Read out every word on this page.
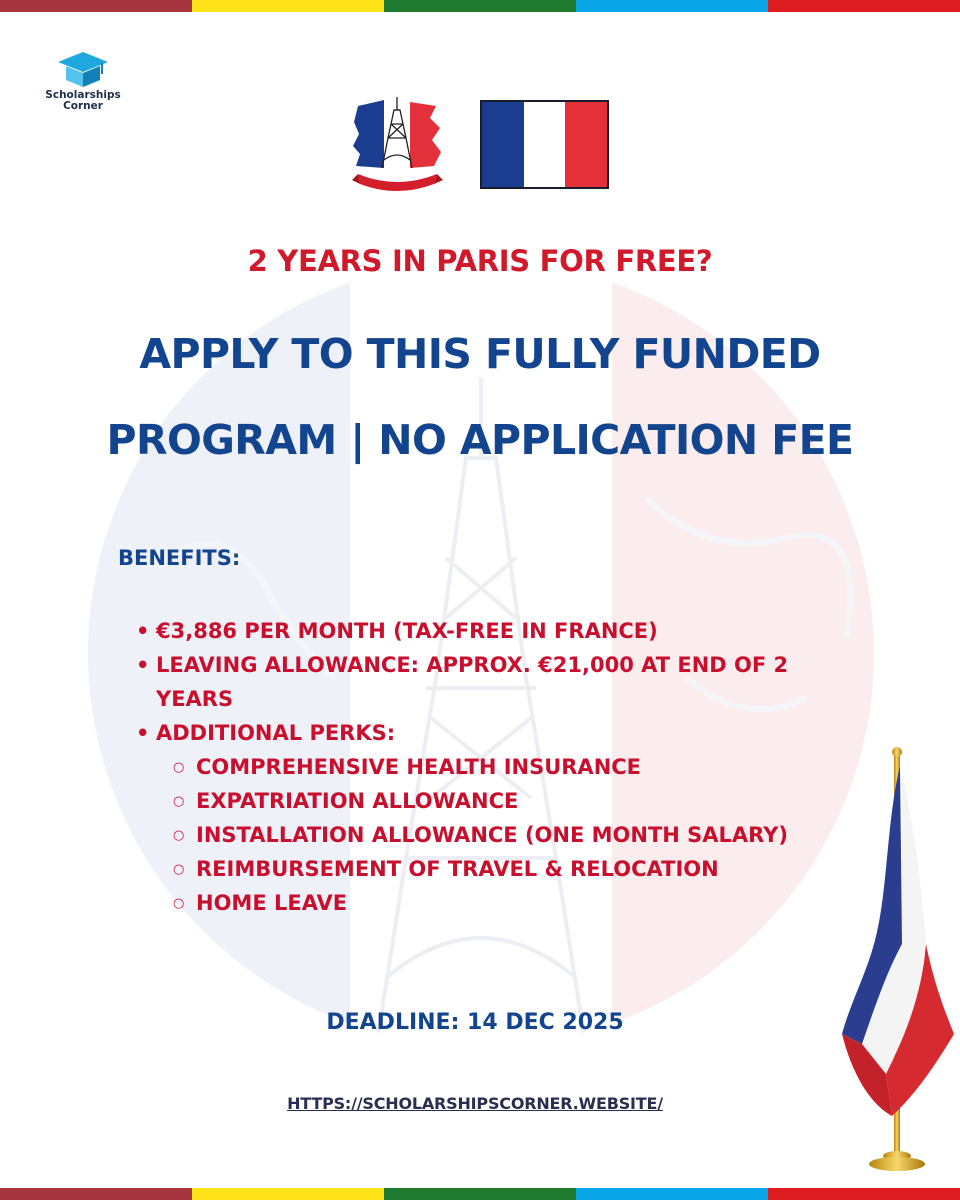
Scholarships
Corner
2 YEARS IN PARIS FOR FREE?
APPLY TO THIS FULLY FUNDED
PROGRAM | NO APPLICATION FEE
BENEFITS:
• €3,886 PER MONTH (TAX-FREE IN FRANCE)
• LEAVING ALLOWANCE: APPROX. €21,000 AT END OF 2
YEARS
• ADDITIONAL PERKS:
○ COMPREHENSIVE HEALTH INSURANCE
○ EXPATRIATION ALLOWANCE
○ INSTALLATION ALLOWANCE (ONE MONTH SALARY)
○ REIMBURSEMENT OF TRAVEL & RELOCATION
○ HOME LEAVE
DEADLINE: 14 DEC 2025
HTTPS://SCHOLARSHIPSCORNER.WEBSITE/
